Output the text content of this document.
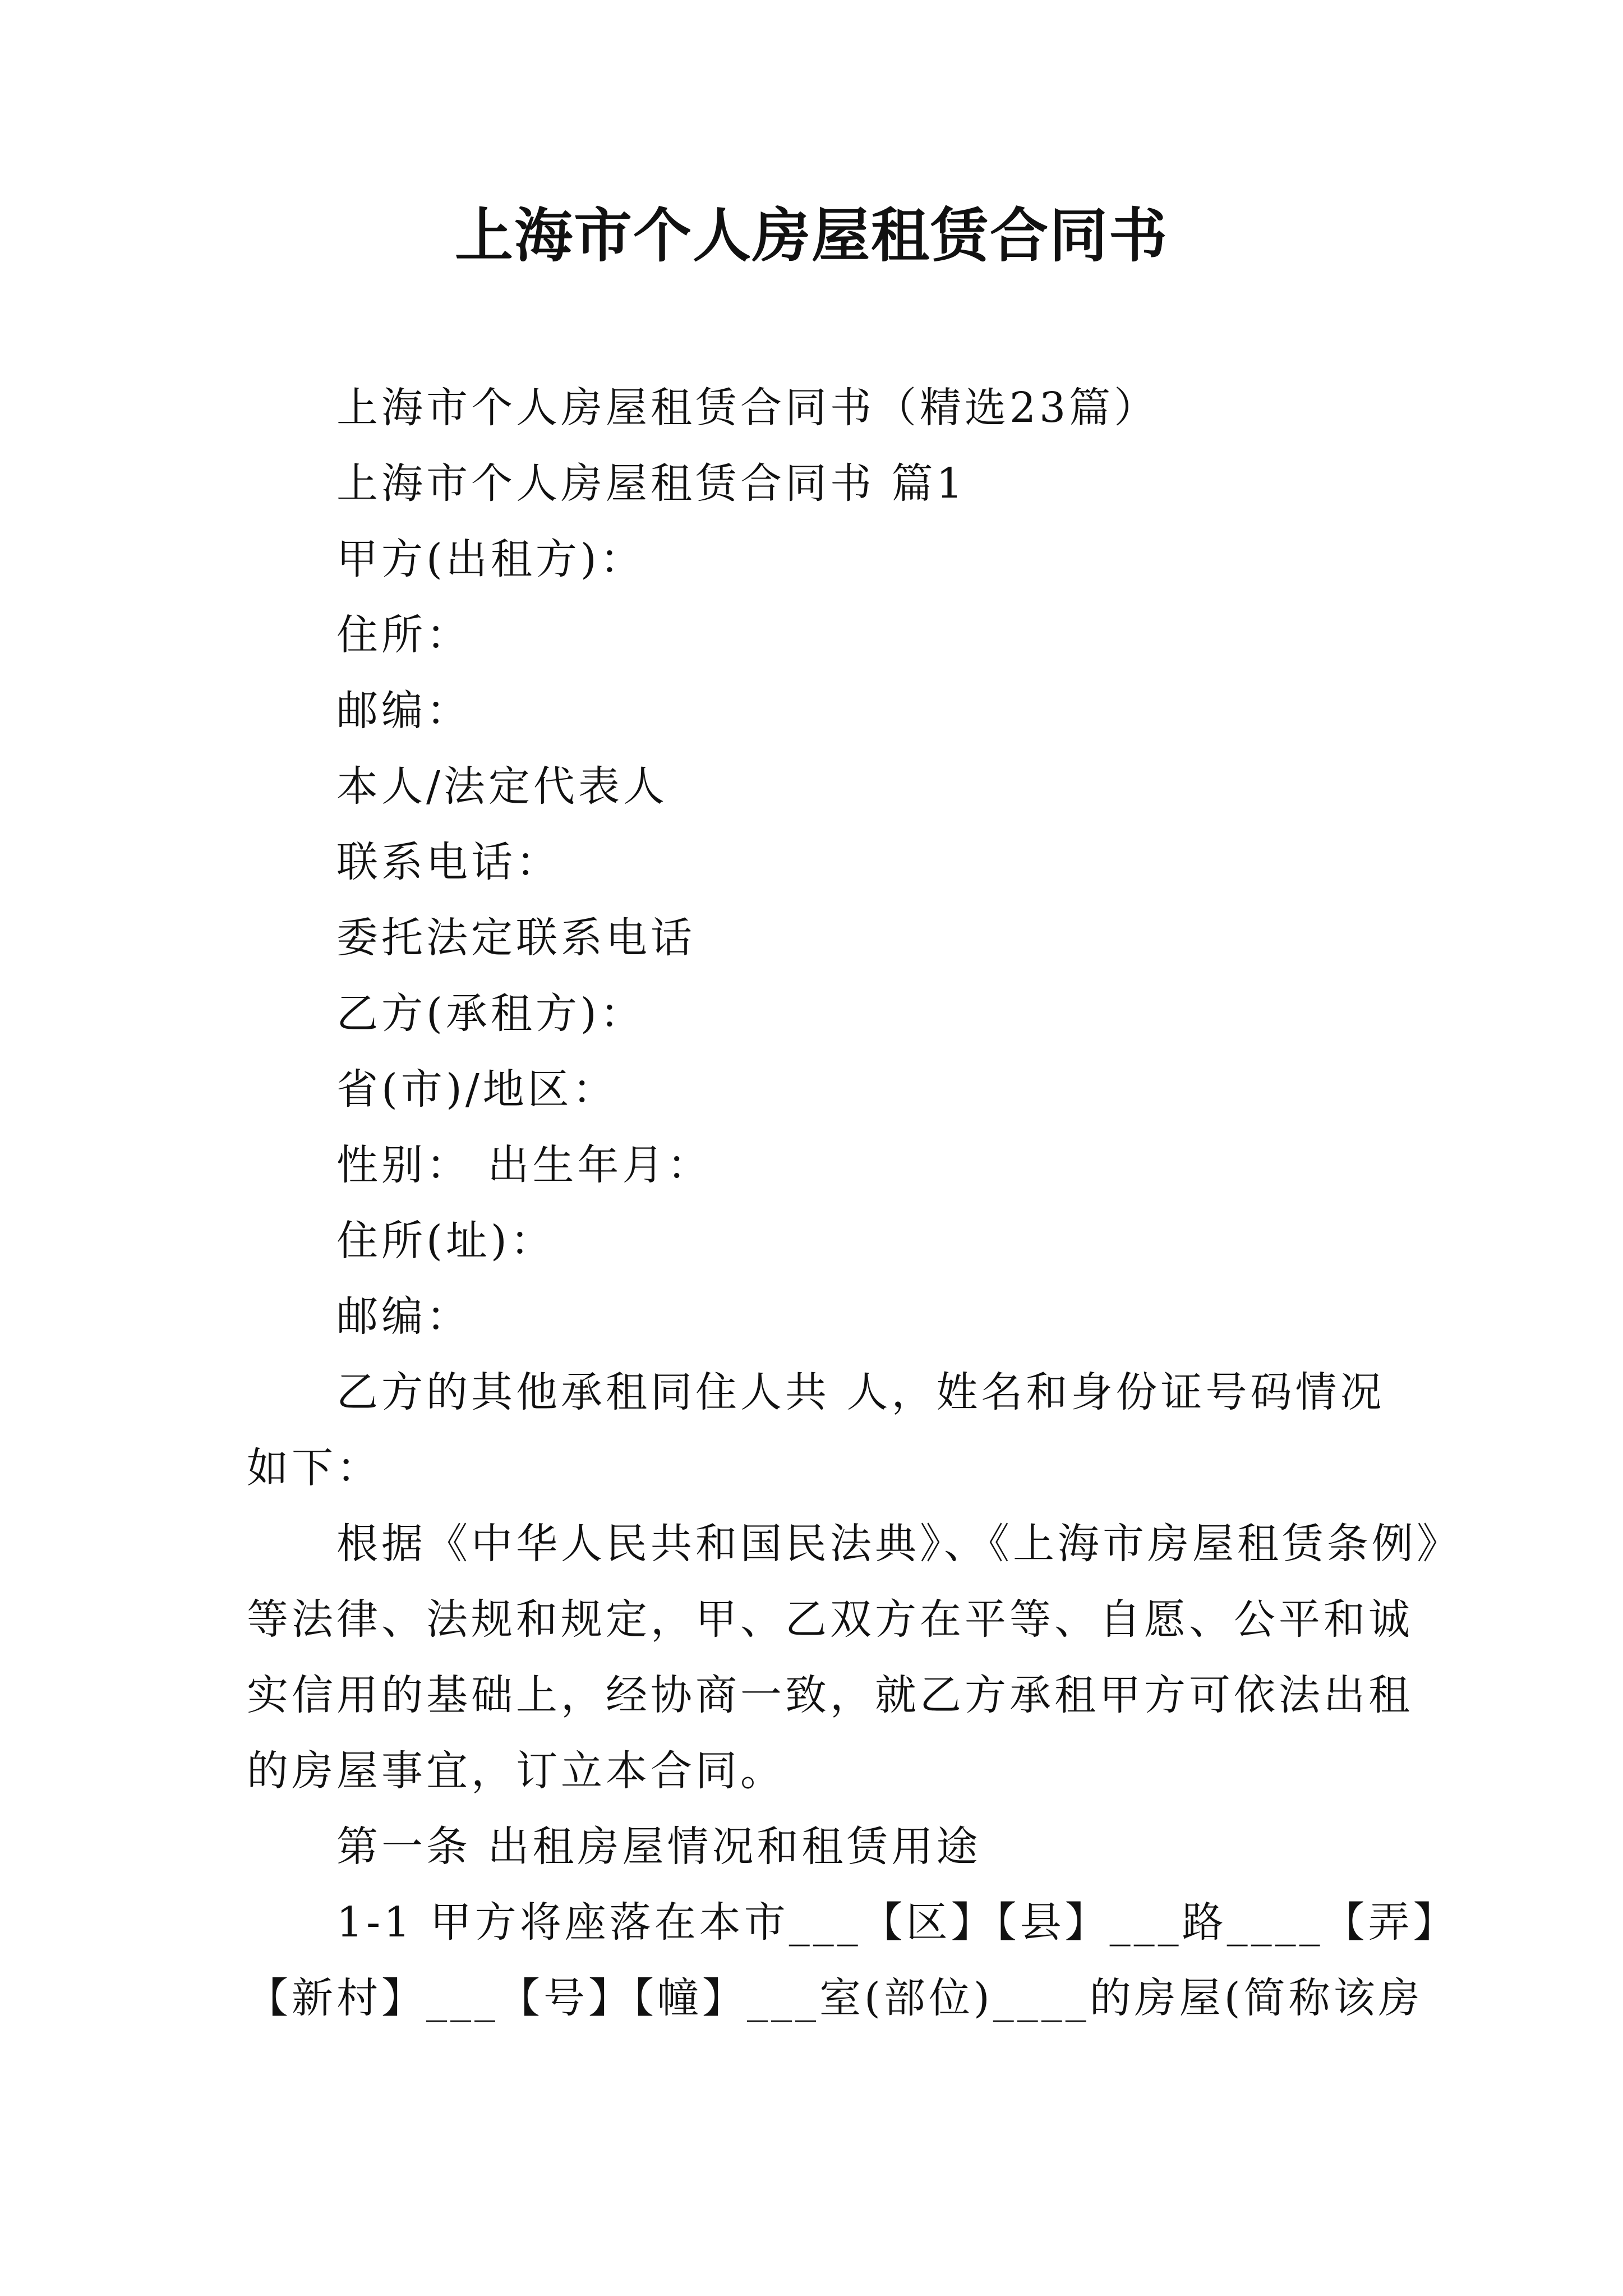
上海市个人房屋租赁合同书
上海市个人房屋租赁合同书（精选23篇）
上海市个人房屋租赁合同书 篇1
甲方(出租方)：
住所：
邮编：
本人/法定代表人
联系电话：
委托法定联系电话
乙方(承租方)：
省(市)/地区：
性别： 出生年月：
住所(址)：
邮编：
乙方的其他承租同住人共 人，姓名和身份证号码情况
如下：
根据《中华人民共和国民法典》、《上海市房屋租赁条例》
等法律、法规和规定，甲、乙双方在平等、自愿、公平和诚
实信用的基础上，经协商一致，就乙方承租甲方可依法出租
的房屋事宜，订立本合同。
第一条 出租房屋情况和租赁用途
1-1 甲方将座落在本市___【区】【县】___路____【弄】
【新村】___【号】【幢】___室(部位)____的房屋(简称该房
